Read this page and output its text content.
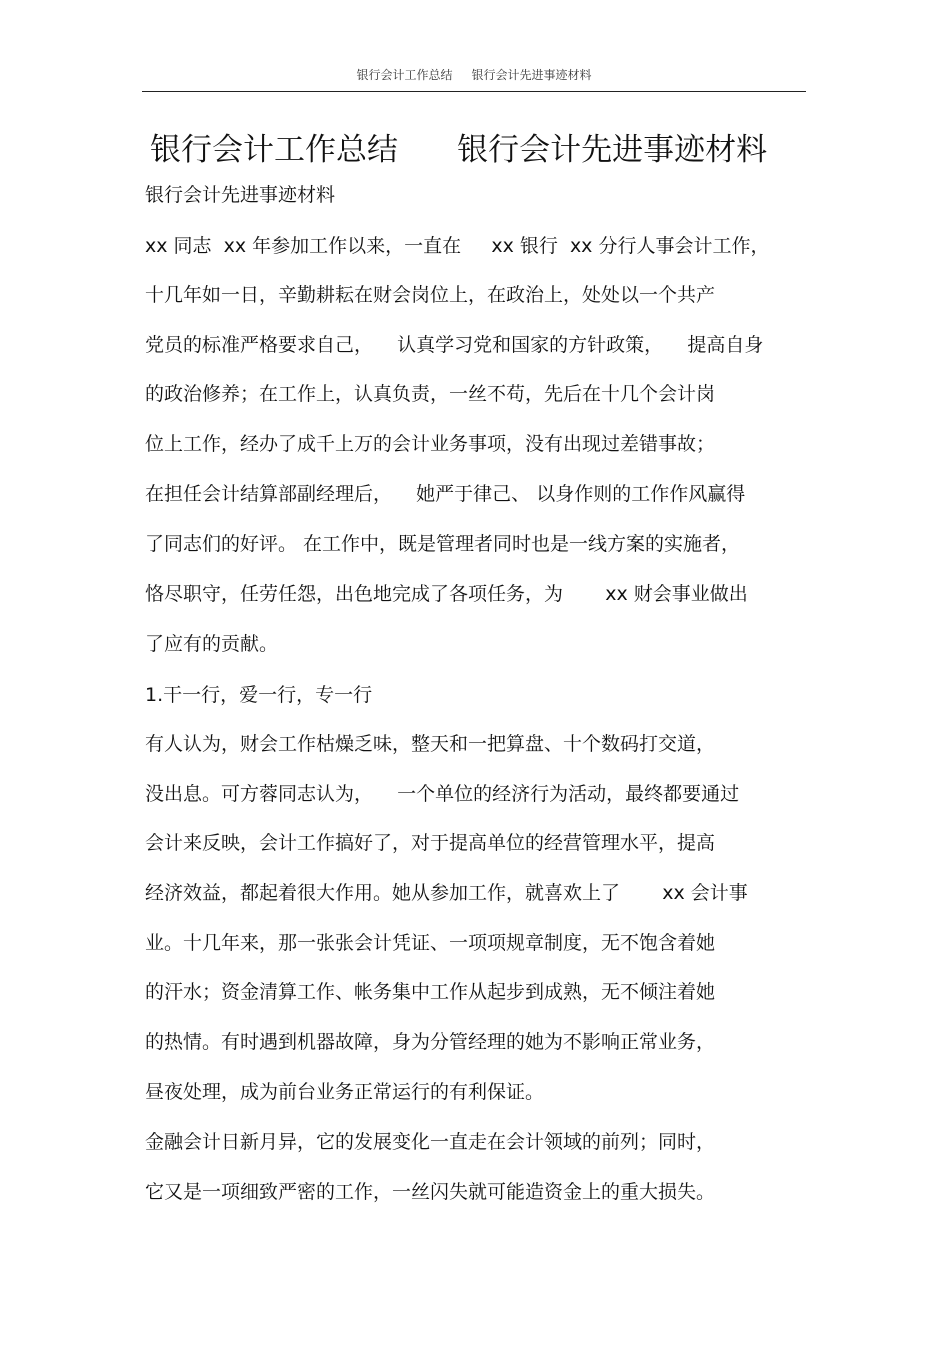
银行会计工作总结     银行会计先进事迹材料
银行会计工作总结      银行会计先进事迹材料
银行会计先进事迹材料
xx 同志  xx 年参加工作以来，一直在     xx 银行  xx 分行人事会计工作，
十几年如一日，辛勤耕耘在财会岗位上，在政治上，处处以一个共产
党员的标准严格要求自己，    认真学习党和国家的方针政策，    提高自身
的政治修养；在工作上，认真负责，一丝不苟，先后在十几个会计岗
位上工作，经办了成千上万的会计业务事项，没有出现过差错事故；
在担任会计结算部副经理后，    她严于律己、 以身作则的工作作风赢得
了同志们的好评。 在工作中，既是管理者同时也是一线方案的实施者，
恪尽职守，任劳任怨，出色地完成了各项任务，为       xx 财会事业做出
了应有的贡献。
1.干一行，爱一行，专一行
有人认为，财会工作枯燥乏味，整天和一把算盘、十个数码打交道，
没出息。可方蓉同志认为，    一个单位的经济行为活动，最终都要通过
会计来反映，会计工作搞好了，对于提高单位的经营管理水平，提高
经济效益，都起着很大作用。她从参加工作，就喜欢上了       xx 会计事
业。十几年来，那一张张会计凭证、一项项规章制度，无不饱含着她
的汗水；资金清算工作、帐务集中工作从起步到成熟，无不倾注着她
的热情。有时遇到机器故障，身为分管经理的她为不影响正常业务，
昼夜处理，成为前台业务正常运行的有利保证。
金融会计日新月异，它的发展变化一直走在会计领域的前列；同时，
它又是一项细致严密的工作，一丝闪失就可能造资金上的重大损失。
